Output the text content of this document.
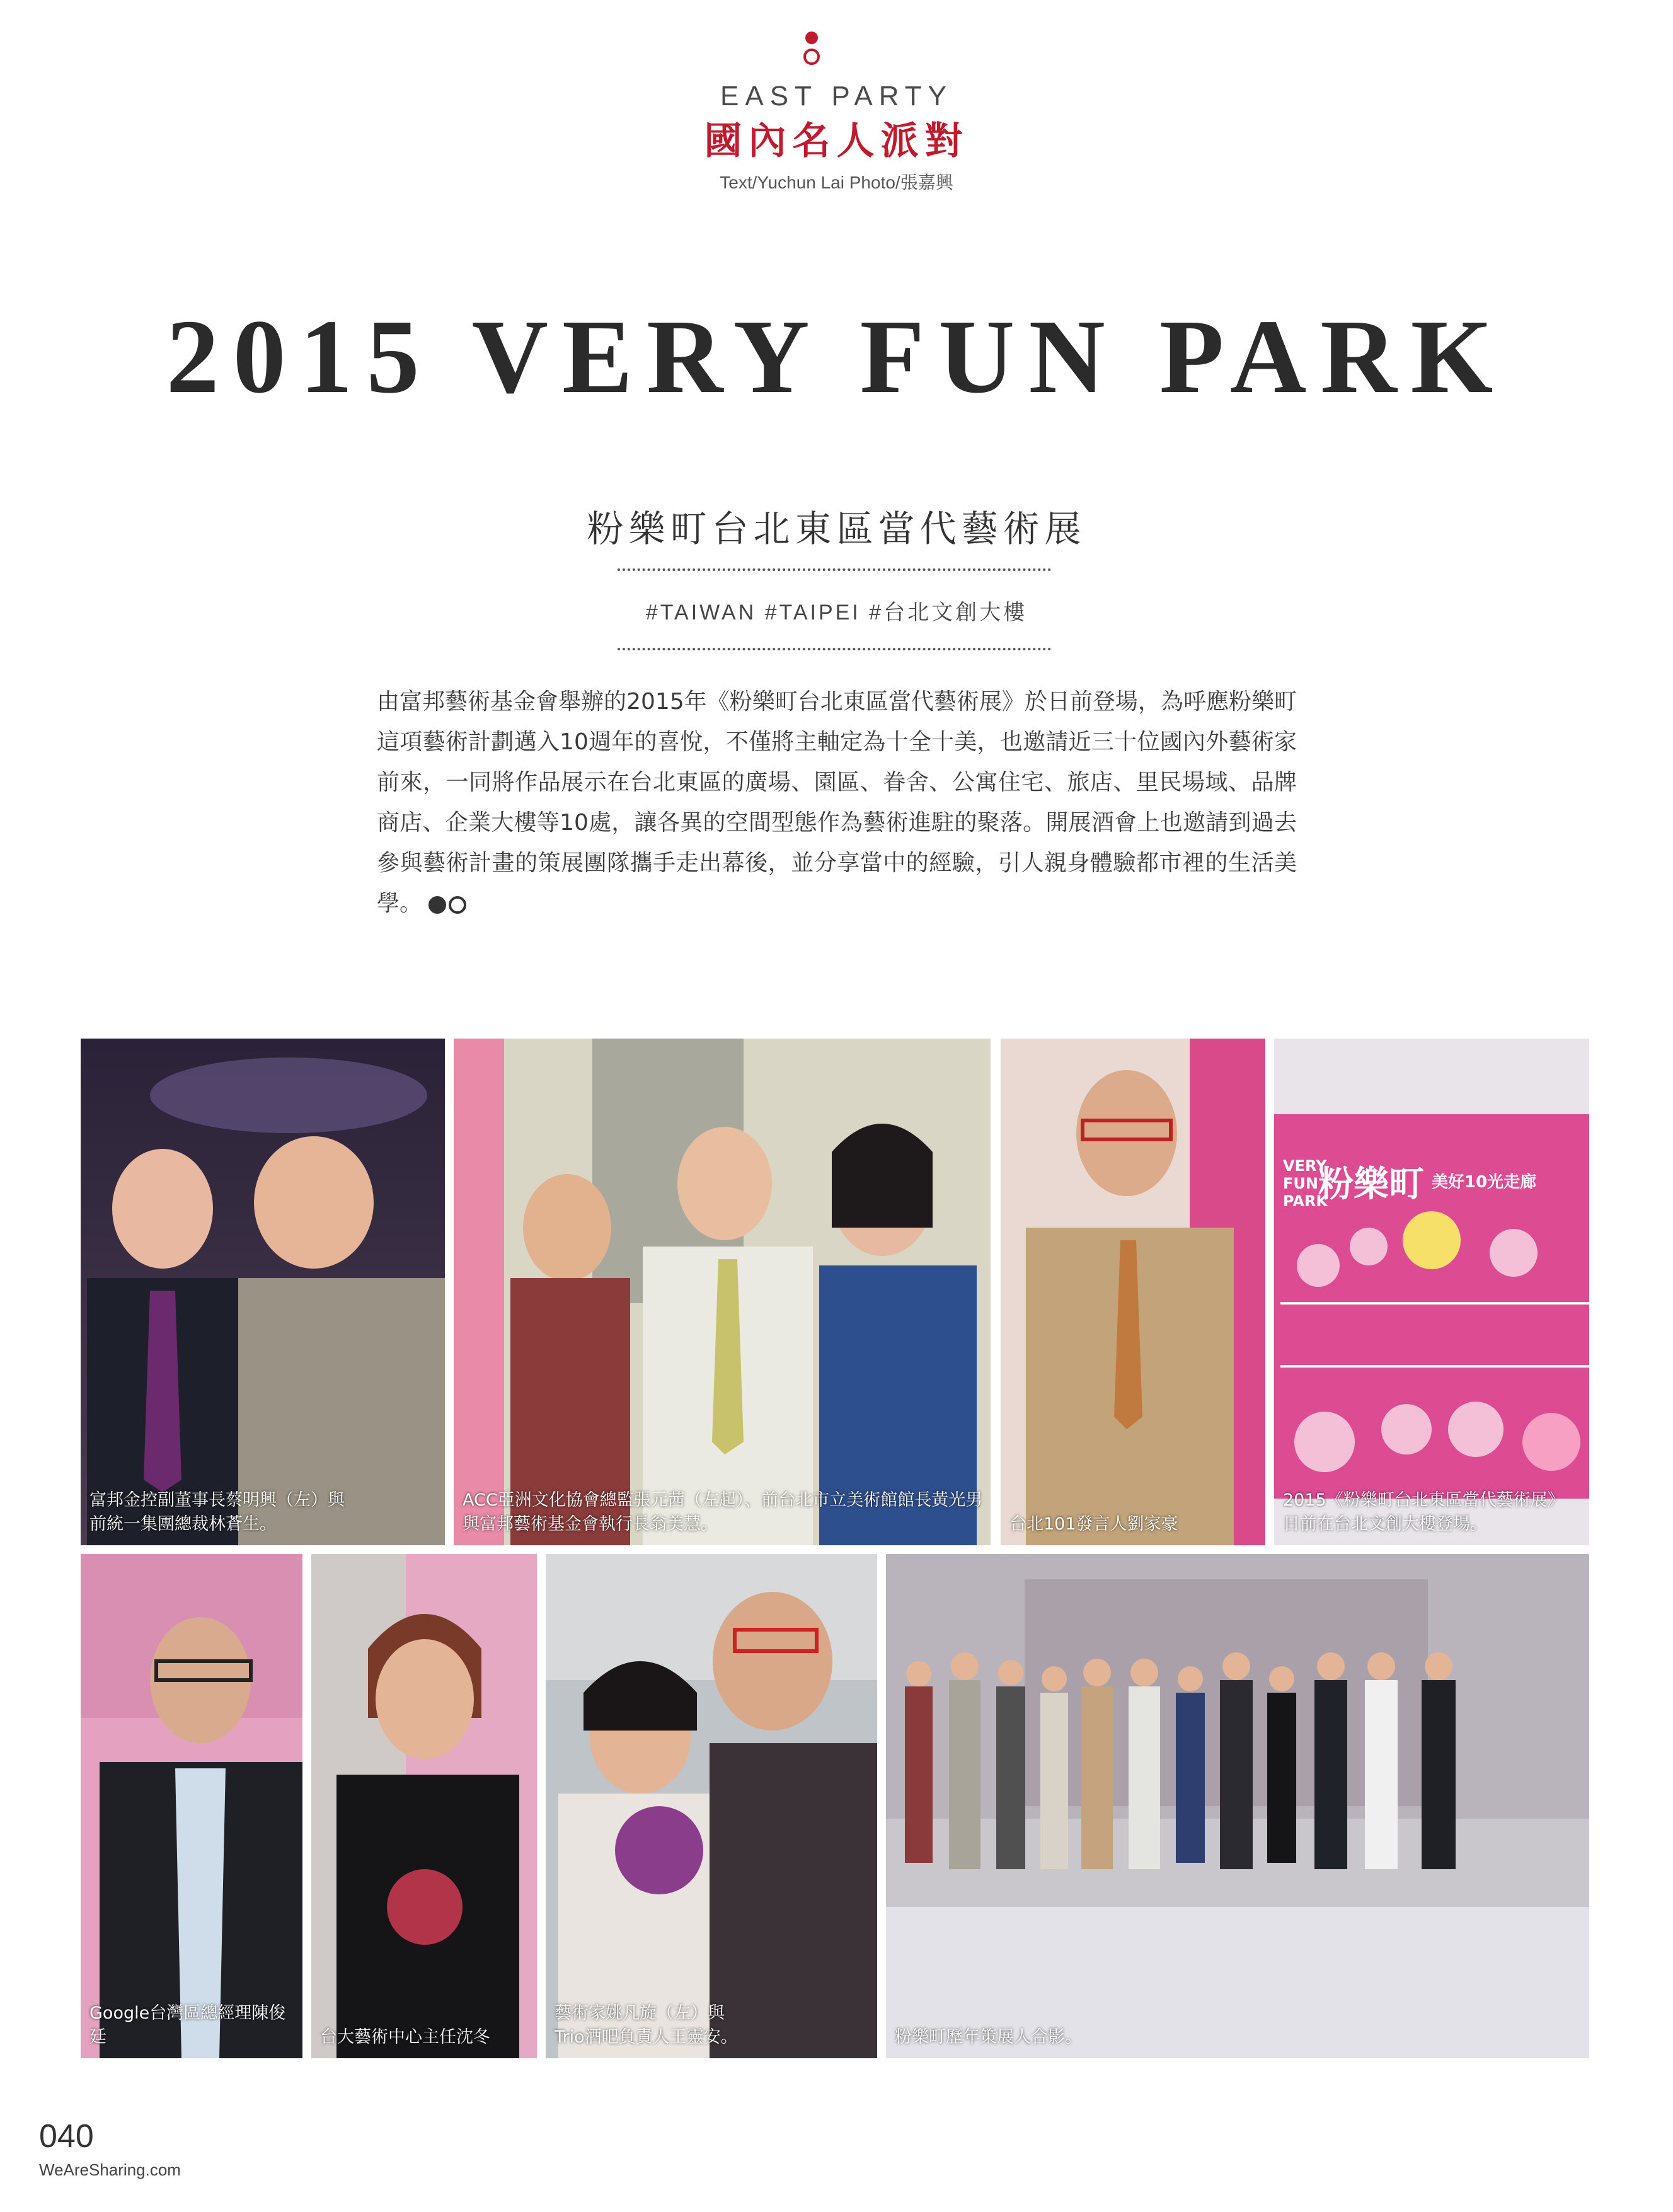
EAST PARTY
國內名人派對
Text/Yuchun Lai Photo/張嘉興
2015 VERY FUN PARK
粉樂町台北東區當代藝術展
#TAIWAN #TAIPEI #台北文創大樓
由富邦藝術基金會舉辦的2015年《粉樂町台北東區當代藝術展》於日前登場，為呼應粉樂町這項藝術計劃邁入10週年的喜悅，不僅將主軸定為十全十美，也邀請近三十位國內外藝術家前來，一同將作品展示在台北東區的廣場、園區、眷舍、公寓住宅、旅店、里民場域、品牌商店、企業大樓等10處，讓各異的空間型態作為藝術進駐的聚落。開展酒會上也邀請到過去參與藝術計畫的策展團隊攜手走出幕後，並分享當中的經驗，引人親身體驗都市裡的生活美學。
富邦金控副董事長蔡明興（左）與
前統一集團總裁林蒼生。
ACC亞洲文化協會總監張元茜（左起）、前台北市立美術館館長黃光男
與富邦藝術基金會執行長翁美慧。	台北101發言人劉家豪
VERY
FUN
PARK
粉樂町 美好10光走廊
2015《粉樂町台北東區當代藝術展》
日前在台北文創大樓登場。
Google台灣區總經理陳俊廷	台大藝術中心主任沈冬
藝術家姚凡旋（左）與
Trio酒吧負責人王靈安。	粉樂町歷年策展人合影。
040
WeAreSharing.com
